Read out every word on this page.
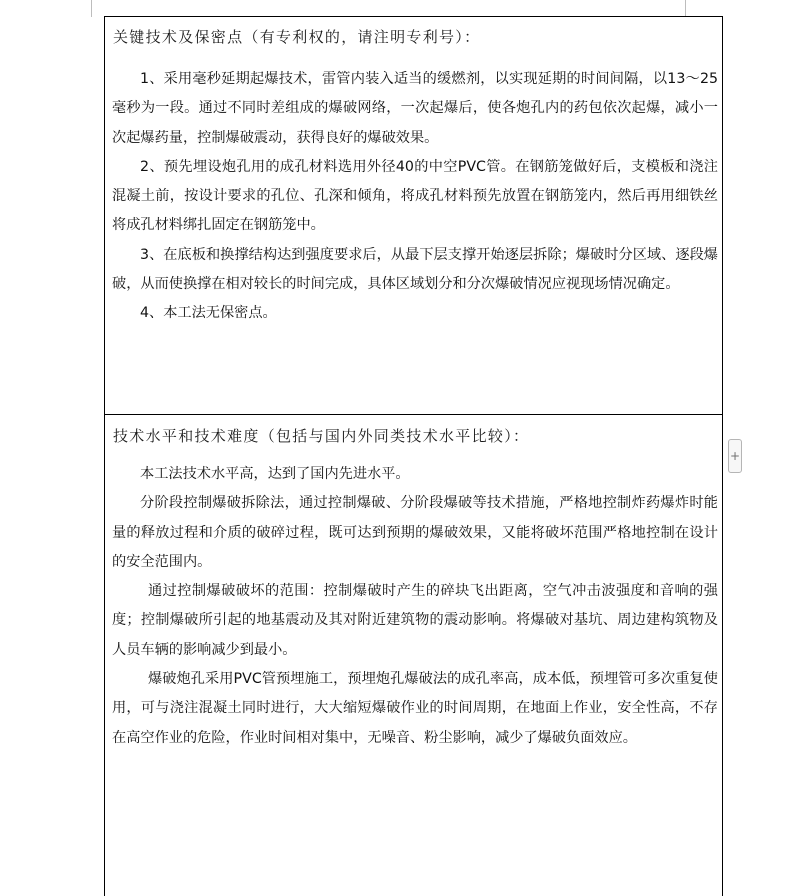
关键技术及保密点（有专利权的，请注明专利号）：

1、采用毫秒延期起爆技术，雷管内装入适当的缓燃剂，以实现延期的时间间隔，以13～25毫秒为一段。通过不同时差组成的爆破网络，一次起爆后，使各炮孔内的药包依次起爆，减小一次起爆药量，控制爆破震动，获得良好的爆破效果。

2、预先埋设炮孔用的成孔材料选用外径40的中空PVC管。在钢筋笼做好后，支模板和浇注混凝土前，按设计要求的孔位、孔深和倾角，将成孔材料预先放置在钢筋笼内，然后再用细铁丝将成孔材料绑扎固定在钢筋笼中。

3、在底板和换撑结构达到强度要求后，从最下层支撑开始逐层拆除；爆破时分区域、逐段爆破，从而使换撑在相对较长的时间完成，具体区域划分和分次爆破情况应视现场情况确定。

4、本工法无保密点。

技术水平和技术难度（包括与国内外同类技术水平比较）：

本工法技术水平高，达到了国内先进水平。

分阶段控制爆破拆除法，通过控制爆破、分阶段爆破等技术措施，严格地控制炸药爆炸时能量的释放过程和介质的破碎过程，既可达到预期的爆破效果，又能将破坏范围严格地控制在设计的安全范围内。

通过控制爆破破坏的范围：控制爆破时产生的碎块飞出距离，空气冲击波强度和音响的强度；控制爆破所引起的地基震动及其对附近建筑物的震动影响。将爆破对基坑、周边建构筑物及人员车辆的影响减少到最小。

爆破炮孔采用PVC管预埋施工，预埋炮孔爆破法的成孔率高，成本低，预埋管可多次重复使用，可与浇注混凝土同时进行，大大缩短爆破作业的时间周期，在地面上作业，安全性高，不存在高空作业的危险，作业时间相对集中，无噪音、粉尘影响，减少了爆破负面效应。

+
